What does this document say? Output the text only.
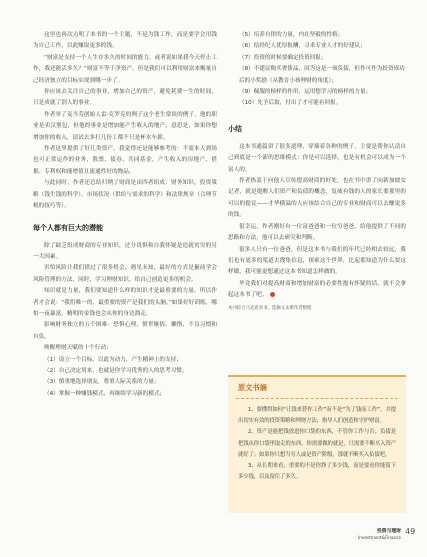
这里也再次点明了本书的一个主题，不是为钱工作，而是要学会用钱为自己工作，以此赚取更多的钱。

“财富是支持一个人生存多久的时间的能力，或者说如果我今天停止工作，我还能活多久？”财富不等于净资产，但是我们可以利用财富来衡量自己经济独立的目标实现到哪一步了。

你应该去关注自己的事业，增加自己的资产，避免耗费一生的时间，只是成就了别人的事业。

作者举了麦当劳创始人雷·克罗克的例子这个老生常谈的例子，他的职业是卖汉堡包，但他的事业是增加能产生收入的地产，意思是，如果你想增加你的收入，请试去多打几份工都不只是杯水车薪。

作者这里提供了好几类资产，我觉得还是能够参考的：不需本人到场也可正常运作的业务，股票、债券、共同基金，产生收入的房地产、借据、专利权和能增值且流通性好的物品。

与此同时，作者还总结归纳了财商是由四者组成：财务知识，投资策略（钱生钱的科学）、市场状况（供给与需求的科学）和法律规章（合理节税的技巧等）。

每个人都有巨大的潜能

除了缺乏组成财商的专业知识，过分畏惧和自我怀疑是造就贫穷的另一大因素。

害怕风险让我们错过了很多机会，遇见未知，最好的方式是掘前学会风险管理的方法，同时，学习理财知识，给自己创造更多的机会。

知识就是力量，我们要知道什么样的知识才是最重要的力量。所以作者才会说：“我们唯一的、最重要的资产是我们的头脑。”如果好好训练，哪怕一夜暴富，精明的金钱也会从你的身边溜走。

影响财务独立的五个困难：恐惧心理，愤世嫉俗、懒惰、不良习惯和自负。

唤醒理财天赋的十个行动：

（1）设立一个目标，以此为动力，产生精神上的支持；
（2）自己决定用来，也就是你学习优秀的人的思考习惯；
（3）慎重地选择朋友，尊重人际关系的力量；
（4）掌握一种赚钱模式，再继续学习新的模式；
（5）培养自律的力量，内在坚毅的性格；
（6）给经纪人优厚报酬，寻求专业人才的好建议；
（7）投资的时候要确定投资回报；
（8）不建议购买奢侈品，因为这是一项负债，但作可作为投资成功后的小奖励（从教育小孩理财的角度）；
（9）佩服的榜样的作用，运用想学习的榜样的力量；
（10）先予后取，付出了才可能有回报。
小结

这本书通篇讲了很多道理，穿插着各种的例子，主要是帮你认清自己到底是一个新的思维模式：你是可以选择，也是有机会可以成为一个富人的。

作者热衷于向他人宣传提高财商的好处，也在书中讲了向新加坡女记者，就是提醒人们资产和负债的概念，复威有钱的人的家长要那里的可以的提议——才华横溢的人应该结合自己的专业和财商可以去赚更多的钱。

很幸运，作者刚好有一位富爸爸和一位穷爸爸，给他提供了不同的思路和方法，他可以去研究和判断。

很多人只有一位爸爸，但是这本书与我们的年代已经相去较远，我们也有更多的渠道去搜集信息，探索这个世界，比起那知道为什么要这样做，我可能更想通过这本书知道怎样做的。

毕竟我们对提高财商和增加财富的必要性抱有怀疑的话，就不会拿起这本书了吧。

本刊综合马克思米书，选摘文末系作者整理
原文书摘

1、要懂得如何“让钱来替你工作”而不是“为了钱而工作”。并提出切实有效的投资策略和理财方法，指导人们创造和守护财富。

2、资产是能把钱放进你口袋的东西，不管你工作与否；负债是把钱从你口袋里取走的东西。你需要做的就是，只需要不断买入资产就好了；如果你只想当穷人或是资产阶级，那就不断买入负债吧。

3、从长期来看，重要的不是你挣了多少钱，而是要看你能留下多少钱，以及留住了多久。

投资与理财
Investment&Finance
49
